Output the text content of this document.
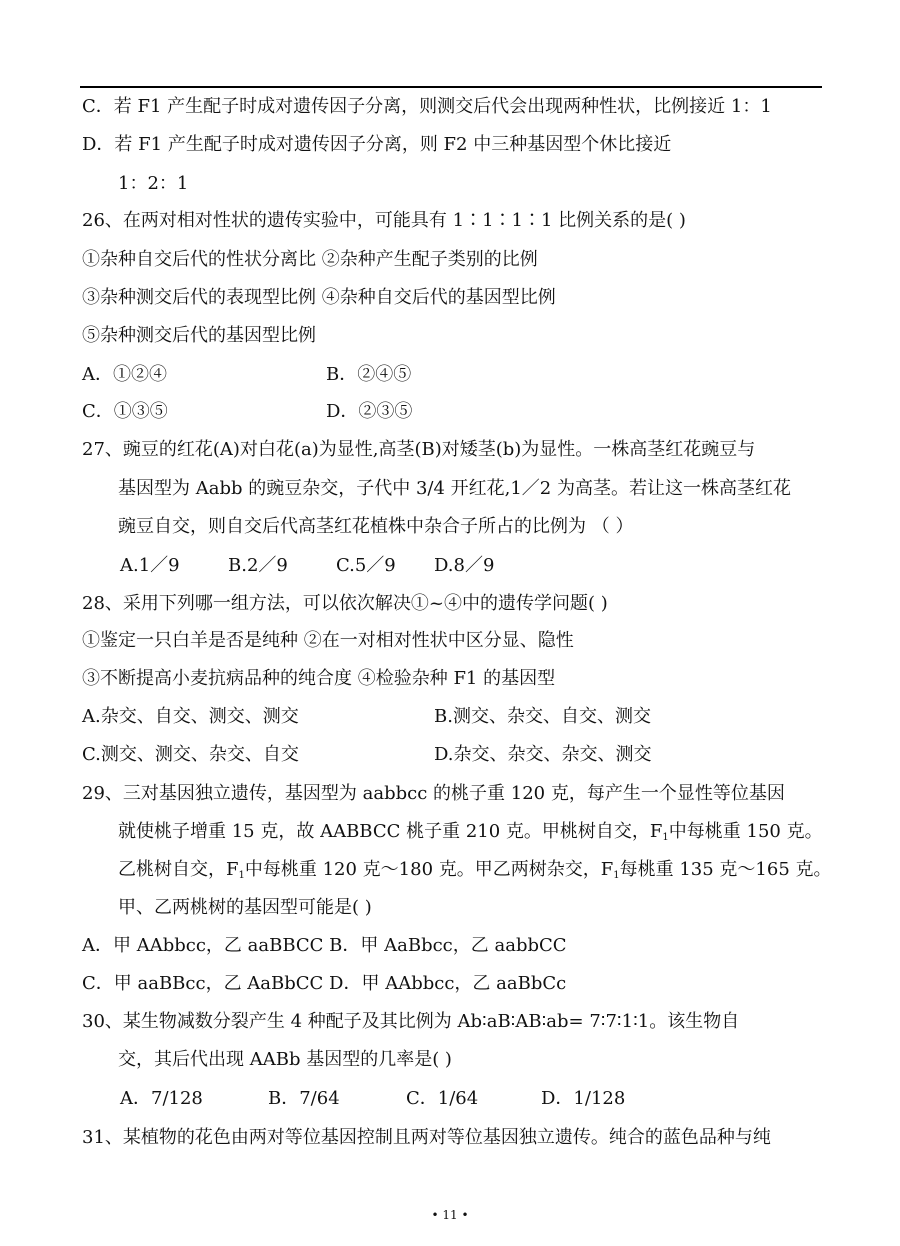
C．若 F1 产生配子时成对遗传因子分离，则测交后代会出现两种性状，比例接近 1：1
D．若 F1 产生配子时成对遗传因子分离，则 F2 中三种基因型个休比接近
1：2：1
26、在两对相对性状的遗传实验中，可能具有 1∶1∶1∶1 比例关系的是( )
①杂种自交后代的性状分离比 ②杂种产生配子类别的比例
③杂种测交后代的表现型比例 ④杂种自交后代的基因型比例
⑤杂种测交后代的基因型比例
A．①②④	B．②④⑤
C．①③⑤	D．②③⑤
27、豌豆的红花(A)对白花(a)为显性,高茎(B)对矮茎(b)为显性。一株高茎红花豌豆与
基因型为 Aabb 的豌豆杂交，子代中 3/4 开红花,1／2 为高茎。若让这一株高茎红花
豌豆自交，则自交后代高茎红花植株中杂合子所占的比例为 （ ）
A.1／9	B.2／9	C.5／9 D.8／9
28、采用下列哪一组方法，可以依次解决①~④中的遗传学问题( )
①鉴定一只白羊是否是纯种 ②在一对相对性状中区分显、隐性
③不断提高小麦抗病品种的纯合度 ④检验杂种 F1 的基因型
A.杂交、自交、测交、测交	B.测交、杂交、自交、测交
C.测交、测交、杂交、自交	D.杂交、杂交、杂交、测交
29、三对基因独立遗传，基因型为 aabbcc 的桃子重 120 克，每产生一个显性等位基因
就使桃子增重 15 克，故 AABBCC 桃子重 210 克。甲桃树自交，$F_1$中每桃重 150 克。
乙桃树自交，$F_1$中每桃重 120 克～180 克。甲乙两树杂交，$F_1$每桃重 135 克～165 克。
甲、乙两桃树的基因型可能是( )
A．甲 AAbbcc，乙 aaBBCC B．甲 AaBbcc，乙 aabbCC
C．甲 aaBBcc，乙 AaBbCC D．甲 AAbbcc，乙 aaBbCc
30、某生物减数分裂产生 4 种配子及其比例为 Ab∶aB∶AB∶ab= 7∶7∶1∶1。该生物自
交，其后代出现 AABb 基因型的几率是( )
A．7/128	B．7/64	C．1/64	D．1/128
31、某植物的花色由两对等位基因控制且两对等位基因独立遗传。纯合的蓝色品种与纯
• 11 •
